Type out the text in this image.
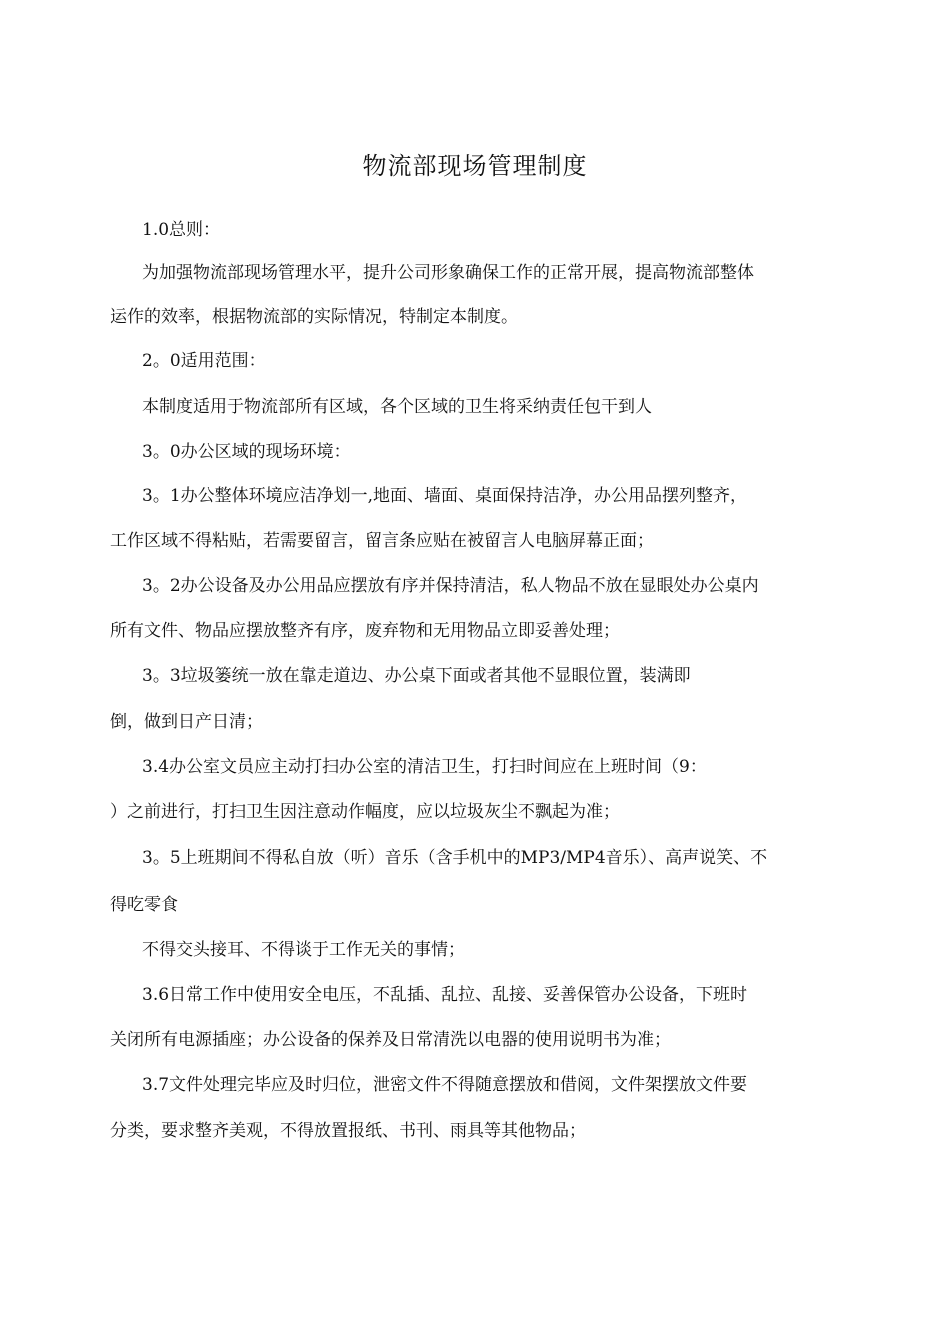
物流部现场管理制度
1.0总则：
为加强物流部现场管理水平，提升公司形象确保工作的正常开展，提高物流部整体
运作的效率，根据物流部的实际情况，特制定本制度。
2。0适用范围：
本制度适用于物流部所有区域，各个区域的卫生将采纳责任包干到人
3。0办公区域的现场环境：
3。1办公整体环境应洁净划一,地面、墙面、桌面保持洁净，办公用品摆列整齐，
工作区域不得粘贴，若需要留言，留言条应贴在被留言人电脑屏幕正面；
3。2办公设备及办公用品应摆放有序并保持清洁，私人物品不放在显眼处办公桌内
所有文件、物品应摆放整齐有序，废弃物和无用物品立即妥善处理；
3。3垃圾篓统一放在靠走道边、办公桌下面或者其他不显眼位置，装满即
倒，做到日产日清；
3.4办公室文员应主动打扫办公室的清洁卫生，打扫时间应在上班时间（9：
）之前进行，打扫卫生因注意动作幅度，应以垃圾灰尘不飘起为准；
3。5上班期间不得私自放（听）音乐（含手机中的MP3/MP4音乐）、高声说笑、不
得吃零食
不得交头接耳、不得谈于工作无关的事情；
3.6日常工作中使用安全电压，不乱插、乱拉、乱接、妥善保管办公设备，下班时
关闭所有电源插座；办公设备的保养及日常清洗以电器的使用说明书为准；
3.7文件处理完毕应及时归位，泄密文件不得随意摆放和借阅，文件架摆放文件要
分类，要求整齐美观，不得放置报纸、书刊、雨具等其他物品；
